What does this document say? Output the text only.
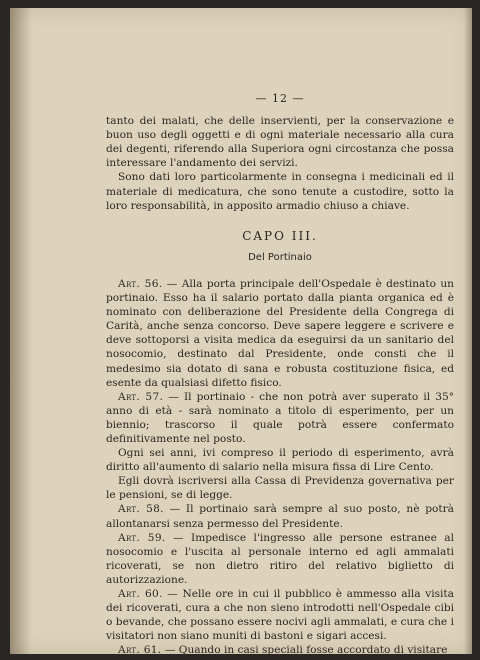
— 12 —

tanto dei malati, che delle inservienti, per la conservazione e buon uso degli oggetti e di ogni materiale necessario alla cura dei degenti, riferendo alla Superiora ogni circostanza che possa interessare l'andamento dei servizi.

Sono dati loro particolarmente in consegna i medicinali ed il materiale di medicatura, che sono tenute a custodire, sotto la loro responsabilità, in apposito armadio chiuso a chiave.

CAPO III.
Del Portinaio

Art. 56. — Alla porta principale dell'Ospedale è destinato un portinaio. Esso ha il salario portato dalla pianta organica ed è nominato con deliberazione del Presidente della Congrega di Carità, anche senza concorso. Deve sapere leggere e scrivere e deve sottoporsi a visita medica da eseguirsi da un sanitario del nosocomio, destinato dal Presidente, onde consti che il medesimo sia dotato di sana e robusta costituzione fisica, ed esente da qualsiasi difetto fisico.

Art. 57. — Il portinaio - che non potrà aver superato il 35° anno di età - sarà nominato a titolo di esperimento, per un biennio; trascorso il quale potrà essere confermato definitivamente nel posto.

Ogni sei anni, ivi compreso il periodo di esperimento, avrà diritto all'aumento di salario nella misura fissa di Lire Cento.

Egli dovrà iscriversi alla Cassa di Previdenza governativa per le pensioni, se di legge.

Art. 58. — Il portinaio sarà sempre al suo posto, nè potrà allontanarsi senza permesso del Presidente.

Art. 59. — Impedisce l'ingresso alle persone estranee al nosocomio e l'uscita al personale interno ed agli ammalati ricoverati, se non dietro ritiro del relativo biglietto di autorizzazione.

Art. 60. — Nelle ore in cui il pubblico è ammesso alla visita dei ricoverati, cura a che non sieno introdotti nell'Ospedale cibi o bevande, che possano essere nocivi agli ammalati, e cura che i visitatori non siano muniti di bastoni e sigari accesi.

Art. 61. — Quando in casi speciali fosse accordato di visitare
